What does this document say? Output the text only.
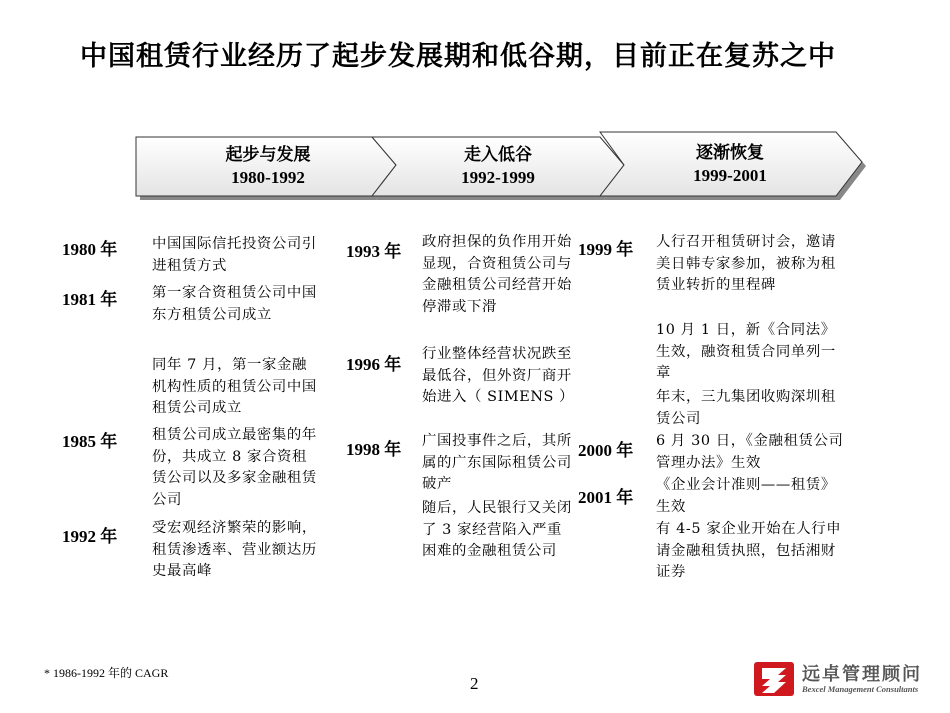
中国租赁行业经历了起步发展期和低谷期，目前正在复苏之中
起步与发展
1980-1992
走入低谷
1992-1999
逐渐恢复
1999-2001
1980 年 中国国际信托投资公司引进租赁方式
1981 年 第一家合资租赁公司中国东方租赁公司成立
同年 7 月，第一家金融机构性质的租赁公司中国租赁公司成立
1985 年 租赁公司成立最密集的年份，共成立 8 家合资租赁公司以及多家金融租赁公司
1992 年 受宏观经济繁荣的影响，租赁渗透率、营业额达历史最高峰
1993 年 政府担保的负作用开始显现，合资租赁公司与金融租赁公司经营开始停滞或下滑
1996 年
行业整体经营状况跌至最低谷，但外资厂商开始进入（ SIMENS ）
1998 年 广国投事件之后，其所属的广东国际租赁公司破产
随后，人民银行又关闭了 3 家经营陷入严重困难的金融租赁公司
1999 年 人行召开租赁研讨会，邀请美日韩专家参加，被称为租赁业转折的里程碑
10 月 1 日，新《合同法》生效，融资租赁合同单列一章
年末，三九集团收购深圳租赁公司
2000 年 6 月 30 日，《金融租赁公司管理办法》生效
2001 年
《企业会计准则——租赁》生效
有 4-5 家企业开始在人行申请金融租赁执照，包括湘财证券
* 1986-1992 年的 CAGR
2	远卓管理顾问
Bexcel Management Consultants
